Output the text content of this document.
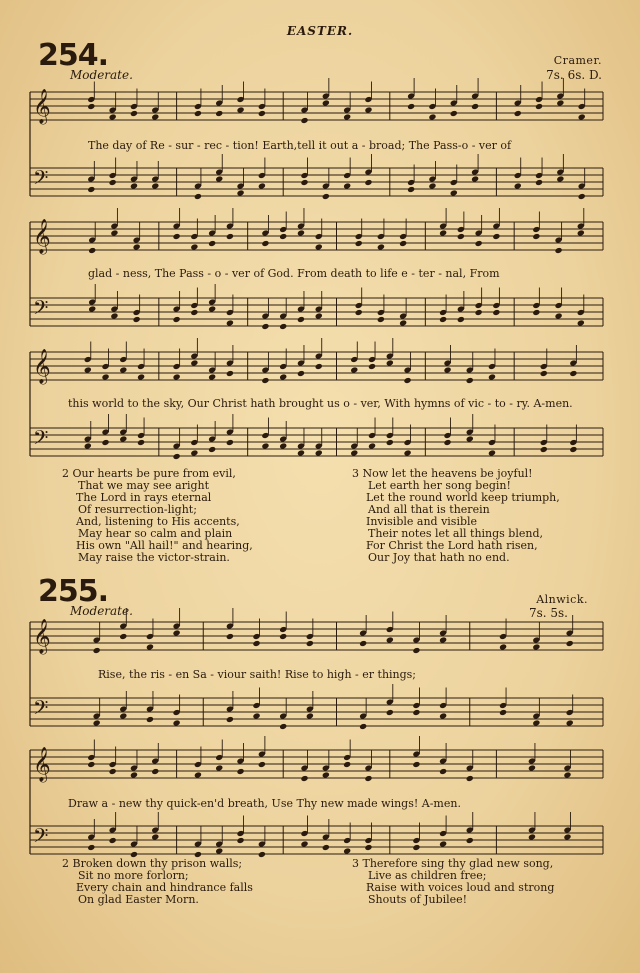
EASTER.
254.
Moderate.
Cramer.
7s. 6s. D.
The day of Re - sur - rec - tion! Earth,tell it out a - broad; The Pass-o - ver of
glad - ness, The Pass - o - ver of God. From death to life e - ter - nal, From
this world to the sky, Our Christ hath brought us o - ver, With hymns of vic - to - ry. A-men.
2 Our hearts be pure from evil,
That we may see aright
The Lord in rays eternal
Of resurrection-light;
And, listening to His accents,
May hear so calm and plain
His own "All hail!" and hearing,
May raise the victor-strain.
3 Now let the heavens be joyful!
Let earth her song begin!
Let the round world keep triumph,
And all that is therein
Invisible and visible
Their notes let all things blend,
For Christ the Lord hath risen,
Our Joy that hath no end.
255.
Moderate.
Alnwick.
7s. 5s.
Rise, the ris - en Sa - viour saith! Rise to high - er things;
Draw a - new thy quick-en'd breath, Use Thy new made wings! A-men.
2 Broken down thy prison walls;
Sit no more forlorn;
Every chain and hindrance falls
On glad Easter Morn.
3 Therefore sing thy glad new song,
Live as children free;
Raise with voices loud and strong
Shouts of Jubilee!
𝄞
𝄢
𝄞
𝄢
𝄞
𝄢
𝄞
𝄢
𝄞
𝄢
